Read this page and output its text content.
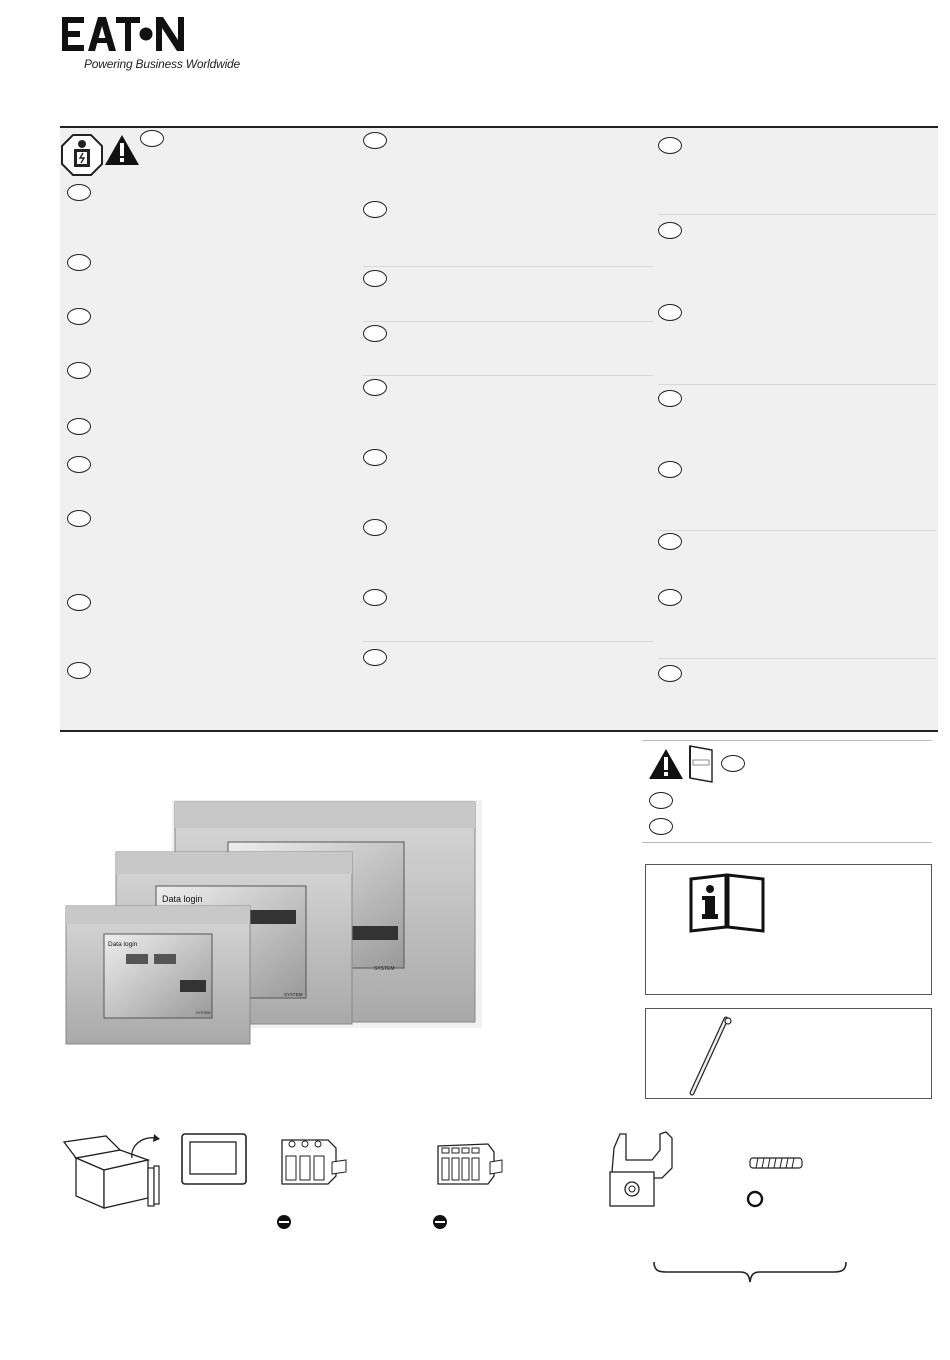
Powering Business Worldwide
SYSTEM
Data login
SYSTEM
Data login
SYSTEM
